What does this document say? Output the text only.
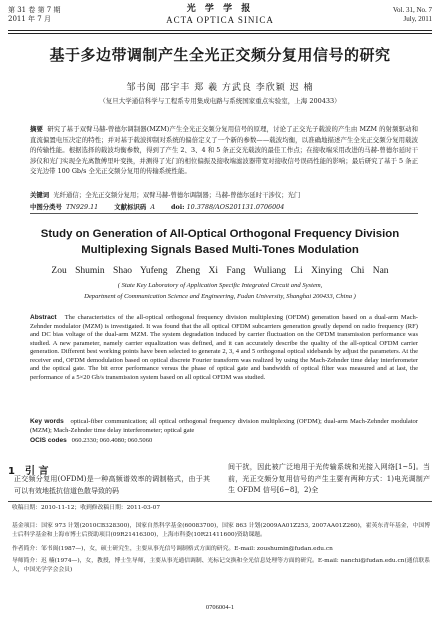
第 31 卷 第 7 期
2011 年 7 月
光 学 学 报
ACTA OPTICA SINICA
Vol. 31, No. 7
July, 2011
基于多边带调制产生全光正交频分复用信号的研究
邹书闽 邵宇丰 郑 羲 方武良 李欣颖 迟 楠
（复旦大学通信科学与工程系专用集成电路与系统国家重点实验室，上海 200433）
摘要 研究了基于双臂马赫-曾德尔调制器(MZM)产生全光正交频分复用信号的原理，讨论了正交光子载波的产生由 MZM 的射频驱动和直流偏置电压决定的特性；并对基于载波抑制对系统的偏倍定义了一个新的参数——载波均衡，以准确地描述产生全光正交频分复用载波的传输性能。根据选择的载波均衡参数，得到了产生 2、3、4 和 5 条正交光载波的最佳工作点；在接收端采用改进的马赫-曾德尔延时干涉仪和光门实现全光离散傅里叶变换，并测得了光门的相位偏振及接收端滤波器带宽对接收信号误码性能的影响；最后研究了基于 5 条正交光边带 100 Gb/s 全光正交频分复用的传输系统性能。
关键词 光纤通信；全光正交频分复用；双臂马赫-曾德尔调制器；马赫-曾德尔延时干涉仪；光门
中图分类号 TN929.11	文献标识码 A	doi: 10.3788/AOS201131.0706004
Study on Generation of All-Optical Orthogonal Frequency Division
Multiplexing Signals Based Multi-Tones Modulation
Zou Shumin Shao Yufeng Zheng Xi Fang Wuliang Li Xinying Chi Nan
( State Key Laboratory of Application Specific Integrated Circuit and System,
Department of Communication Science and Engineering, Fudan University, Shanghai 200433, China )
Abstract The characteristics of the all-optical orthogonal frequency division multiplexing (OFDM) generation based on a dual-arm Mach-Zehnder modulator (MZM) is investigated. It was found that the all optical OFDM subcarriers generation greatly depend on radio frequency (RF) and DC bias voltage of the dual-arm MZM. The system degradation induced by carrier fluctuation on the OFDM transmission performance was studied. A new parameter, namely carrier equalization was defined, and it can accurately describe the quality of the all-optical OFDM carrier generation. Different best working points have been selected to generate 2, 3, 4 and 5 orthogonal optical sidebands by adjust the parameters. At the receiver end, OFDM demodulation based on optical discrete Fourier transform was realized by using the Mach-Zehnder time delay interferometer and the optical gate. The bit error performance versus the phase of optical gate and bandwidth of optical filter was measured and at last, the performance of a 5×20 Gb/s transmission system based on all optical OFDM was studied.
Key words optical-fiber communication; all optical orthogonal frequency division multiplexing (OFDM); dual-arm Mach-Zehnder modulator (MZM); Mach-Zehnder time delay interferometer; optical gate
OCIS codes 060.2330; 060.4080; 060.5060
1 引 言
正交频分复用(OFDM)是一种高频谱效率的调制格式，由于其可以有效地抵抗信道色散导致的码
间干扰，因此被广泛地用于光传输系统和光接入网络[1~5]。当前，光正交频分复用信号的产生主要有两种方式：1)电光调制产生 OFDM 信号[6~8]，2)全
收稿日期：2010-11-12；收到修改稿日期：2011-03-07
基金项目：国家 973 计划(2010CB328300)，国家自然科学基金(60083700)，国家 863 计划(2009AA01Z253, 2007AA01Z260)，霍英东青年基金，中国博士后科学基金和上海市博士后资助项目(09R21416300)，上海市科委(10R21411600)资助课题。
作者简介：邹书闽(1987—)，女，硕士研究生，主要从事光信号调制格式方面的研究。E-mail: zoushumin@fudan.edu.cn
导师简介：迟 楠(1974—)，女，教授，博士生导师，主要从事光通信调制、光标记交换和全光信息处理等方面的研究。E-mail: nanchi@fudan.edu.cn(通信联系人，中国光学学会会员)
0706004-1
